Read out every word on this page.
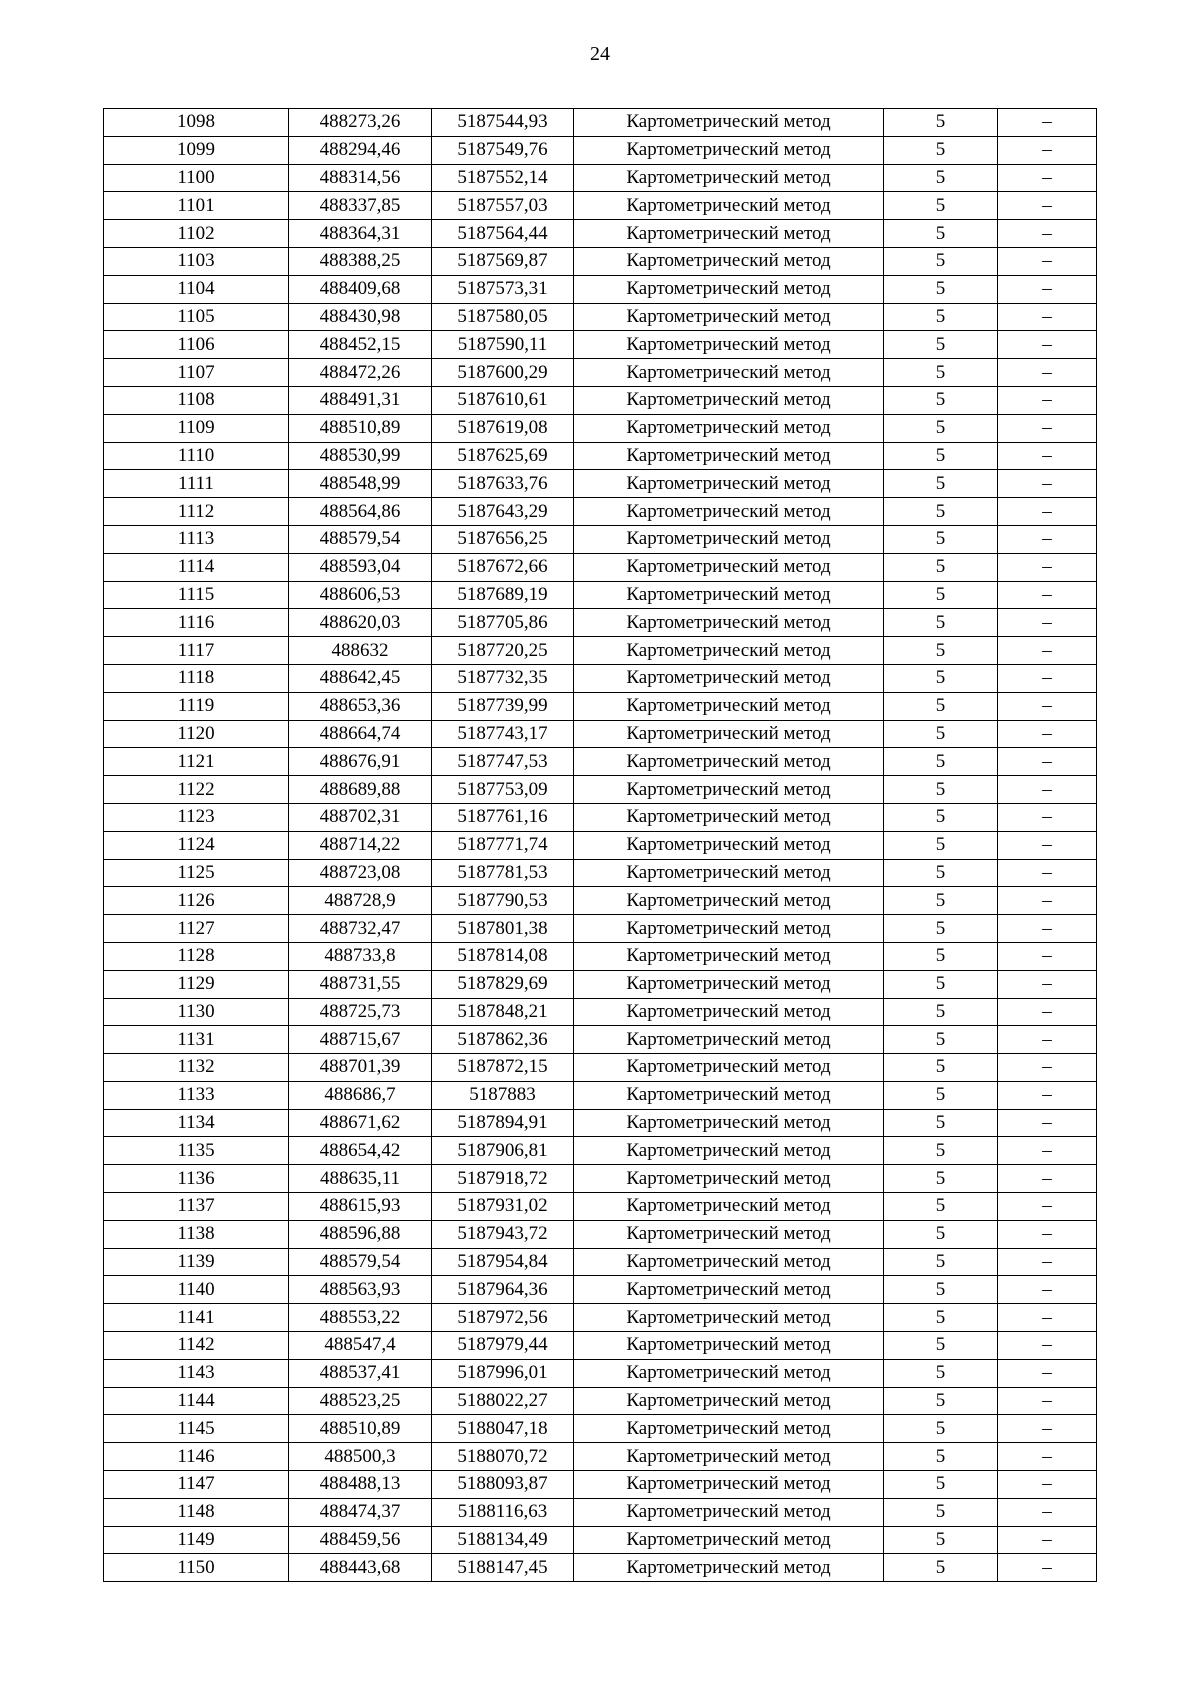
24
1098	488273,26	5187544,93	Картометрический метод	5	–
1099	488294,46	5187549,76	Картометрический метод	5	–
1100	488314,56	5187552,14	Картометрический метод	5	–
1101	488337,85	5187557,03	Картометрический метод	5	–
1102	488364,31	5187564,44	Картометрический метод	5	–
1103	488388,25	5187569,87	Картометрический метод	5	–
1104	488409,68	5187573,31	Картометрический метод	5	–
1105	488430,98	5187580,05	Картометрический метод	5	–
1106	488452,15	5187590,11	Картометрический метод	5	–
1107	488472,26	5187600,29	Картометрический метод	5	–
1108	488491,31	5187610,61	Картометрический метод	5	–
1109	488510,89	5187619,08	Картометрический метод	5	–
1110	488530,99	5187625,69	Картометрический метод	5	–
1111	488548,99	5187633,76	Картометрический метод	5	–
1112	488564,86	5187643,29	Картометрический метод	5	–
1113	488579,54	5187656,25	Картометрический метод	5	–
1114	488593,04	5187672,66	Картометрический метод	5	–
1115	488606,53	5187689,19	Картометрический метод	5	–
1116	488620,03	5187705,86	Картометрический метод	5	–
1117	488632	5187720,25	Картометрический метод	5	–
1118	488642,45	5187732,35	Картометрический метод	5	–
1119	488653,36	5187739,99	Картометрический метод	5	–
1120	488664,74	5187743,17	Картометрический метод	5	–
1121	488676,91	5187747,53	Картометрический метод	5	–
1122	488689,88	5187753,09	Картометрический метод	5	–
1123	488702,31	5187761,16	Картометрический метод	5	–
1124	488714,22	5187771,74	Картометрический метод	5	–
1125	488723,08	5187781,53	Картометрический метод	5	–
1126	488728,9	5187790,53	Картометрический метод	5	–
1127	488732,47	5187801,38	Картометрический метод	5	–
1128	488733,8	5187814,08	Картометрический метод	5	–
1129	488731,55	5187829,69	Картометрический метод	5	–
1130	488725,73	5187848,21	Картометрический метод	5	–
1131	488715,67	5187862,36	Картометрический метод	5	–
1132	488701,39	5187872,15	Картометрический метод	5	–
1133	488686,7	5187883	Картометрический метод	5	–
1134	488671,62	5187894,91	Картометрический метод	5	–
1135	488654,42	5187906,81	Картометрический метод	5	–
1136	488635,11	5187918,72	Картометрический метод	5	–
1137	488615,93	5187931,02	Картометрический метод	5	–
1138	488596,88	5187943,72	Картометрический метод	5	–
1139	488579,54	5187954,84	Картометрический метод	5	–
1140	488563,93	5187964,36	Картометрический метод	5	–
1141	488553,22	5187972,56	Картометрический метод	5	–
1142	488547,4	5187979,44	Картометрический метод	5	–
1143	488537,41	5187996,01	Картометрический метод	5	–
1144	488523,25	5188022,27	Картометрический метод	5	–
1145	488510,89	5188047,18	Картометрический метод	5	–
1146	488500,3	5188070,72	Картометрический метод	5	–
1147	488488,13	5188093,87	Картометрический метод	5	–
1148	488474,37	5188116,63	Картометрический метод	5	–
1149	488459,56	5188134,49	Картометрический метод	5	–
1150	488443,68	5188147,45	Картометрический метод	5	–
